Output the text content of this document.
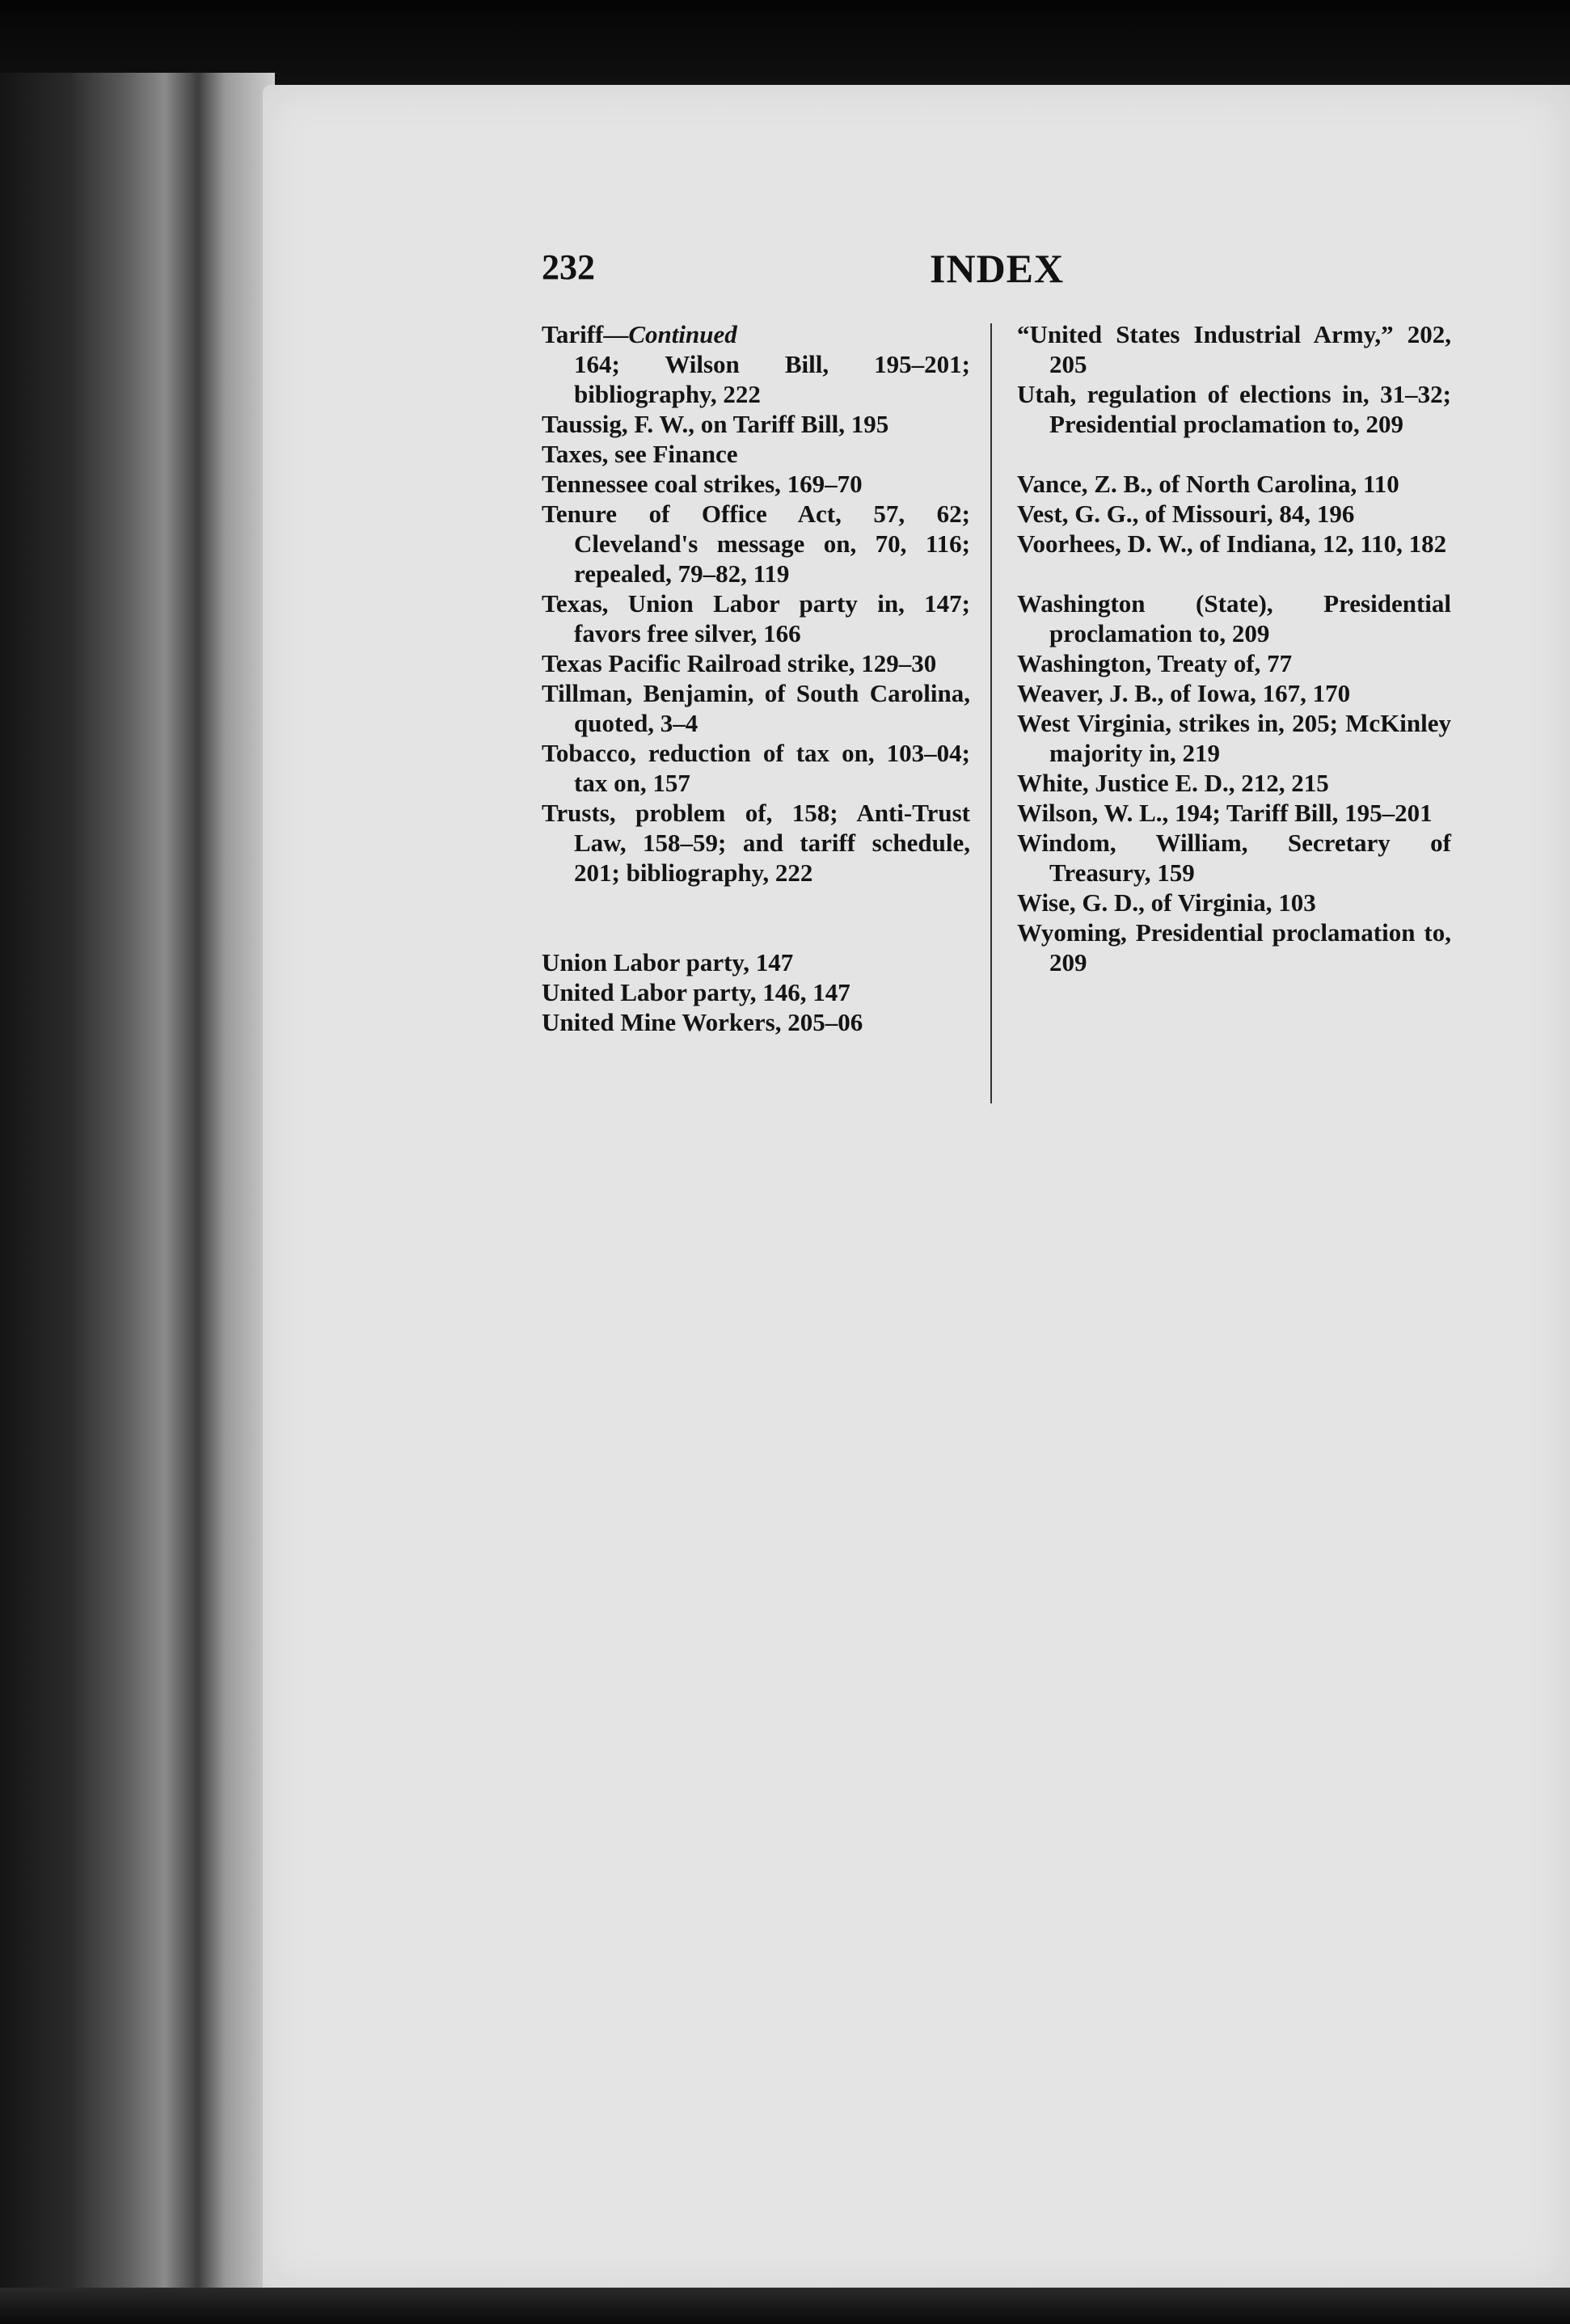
232	INDEX
Tariff—Continued
164; Wilson Bill, 195–201; bibliography, 222
Taussig, F. W., on Tariff Bill, 195
Taxes, see Finance
Tennessee coal strikes, 169–70
Tenure of Office Act, 57, 62; Cleveland's message on, 70, 116; repealed, 79–82, 119
Texas, Union Labor party in, 147; favors free silver, 166
Texas Pacific Railroad strike, 129–30
Tillman, Benjamin, of South Carolina, quoted, 3–4
Tobacco, reduction of tax on, 103–04; tax on, 157
Trusts, problem of, 158; Anti-Trust Law, 158–59; and tariff schedule, 201; bibliography, 222
Union Labor party, 147
United Labor party, 146, 147
United Mine Workers, 205–06
“United States Industrial Army,” 202, 205
Utah, regulation of elections in, 31–32; Presidential proclamation to, 209
Vance, Z. B., of North Carolina, 110
Vest, G. G., of Missouri, 84, 196
Voorhees, D. W., of Indiana, 12, 110, 182
Washington (State), Presidential proclamation to, 209
Washington, Treaty of, 77
Weaver, J. B., of Iowa, 167, 170
West Virginia, strikes in, 205; McKinley majority in, 219
White, Justice E. D., 212, 215
Wilson, W. L., 194; Tariff Bill, 195–201
Windom, William, Secretary of Treasury, 159
Wise, G. D., of Virginia, 103
Wyoming, Presidential proclamation to, 209
